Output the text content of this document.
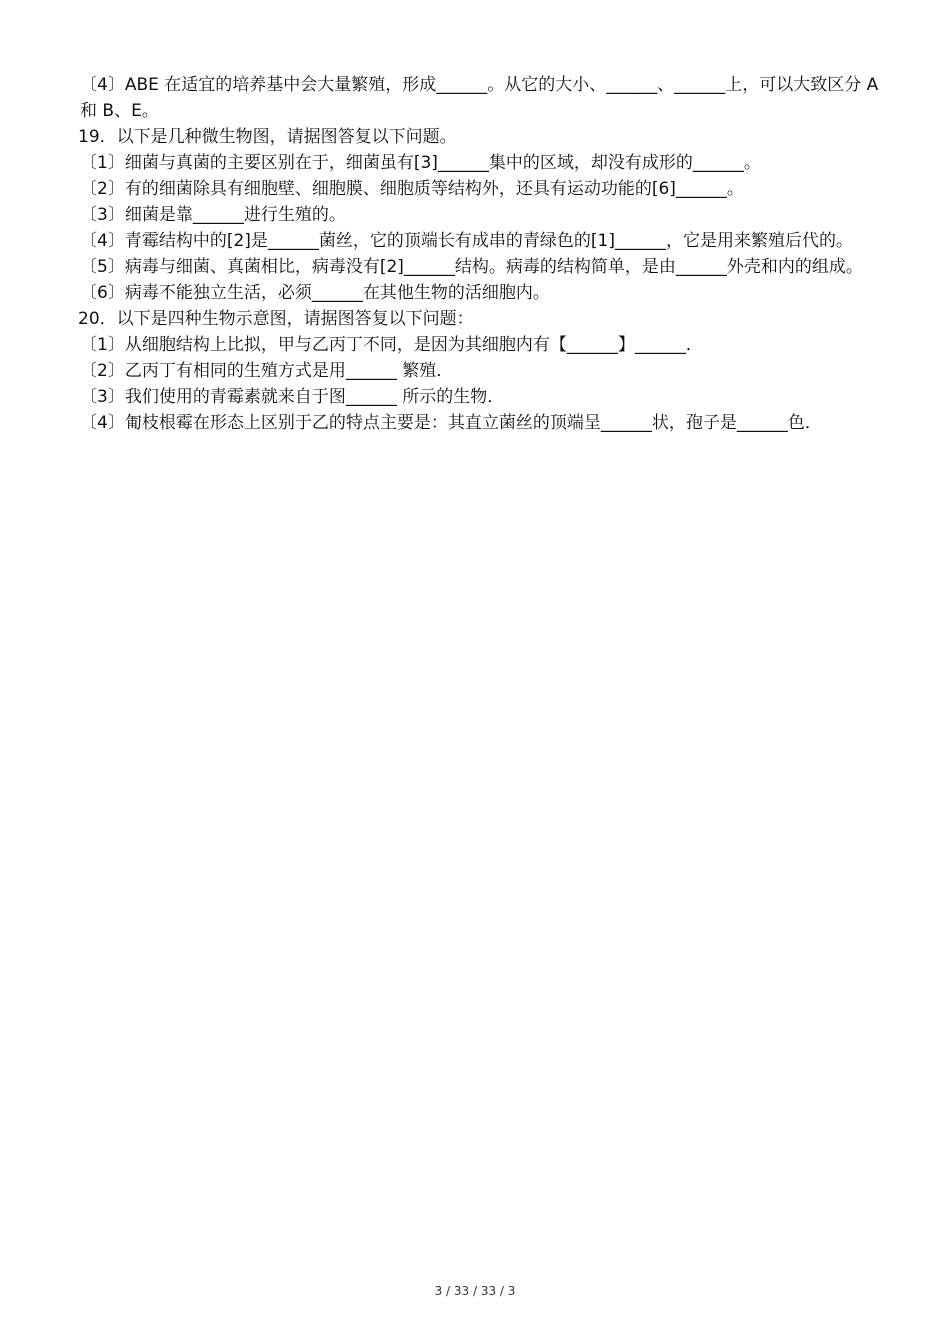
〔4〕ABE 在适宜的培养基中会大量繁殖，形成______。从它的大小、______、______上，可以大致区分 A 和 B、E。

19．以下是几种微生物图，请据图答复以下问题。

〔1〕细菌与真菌的主要区别在于，细菌虽有[3]______集中的区域，却没有成形的______。

〔2〕有的细菌除具有细胞壁、细胞膜、细胞质等结构外，还具有运动功能的[6]______。

〔3〕细菌是靠______进行生殖的。

〔4〕青霉结构中的[2]是______菌丝，它的顶端长有成串的青绿色的[1]______，它是用来繁殖后代的。

〔5〕病毒与细菌、真菌相比，病毒没有[2]______结构。病毒的结构简单，是由______外壳和内的组成。

〔6〕病毒不能独立生活，必须______在其他生物的活细胞内。

20．以下是四种生物示意图，请据图答复以下问题：

〔1〕从细胞结构上比拟，甲与乙丙丁不同，是因为其细胞内有【______】______．

〔2〕乙丙丁有相同的生殖方式是用______ 繁殖．

〔3〕我们使用的青霉素就来自于图______ 所示的生物．

〔4〕匍枝根霉在形态上区别于乙的特点主要是：其直立菌丝的顶端呈______状，孢子是______色．

3 / 33 / 33 / 3
